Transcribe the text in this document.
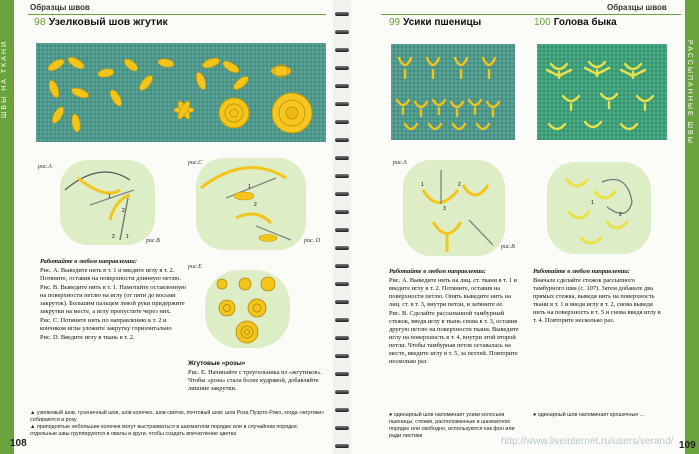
ШВЫ НА ТКАНИ
Образцы швов
98 Узелковый шов жгутик
1
2
2 1
рис.А
рис.В
1
2
рис.С
рис. D
рис.Е

Работайте в любом направлении:

Рис. А. Выведите нить в т. 1 и введите иглу в т. 2. Потяните, оставив на поверхности длинную петлю.

Рис. В. Выведите нить в т. 1. Намотайте оставленную на поверхности петлю на иглу (от пяти до восьми закруток). Большим пальцем левой руки придержите закрутки на месте, а иглу пропустите через них.

Рис. С. Потяните нить по направлению к т. 2 и кончиком иглы уложите закрутку горизонтально

Рис. D. Введите иглу в ткань в т. 2.

Жгутовые «розы»

Рис. Е. Начинайте с треугольника из «жгутиков». Чтобы «роза» стала более кудрявой, добавляйте лишние закрутки.

▲ узелковый шов, гусеничный шов, шов колечко, шов свиток, почтовый шов: шов Роза Пуэрто-Рико, когда «жгутики» собираются в розу

▲ приподнятые небольшие колечки могут выстраиваться в шахматном порядке или в случайном порядке; отдельные швы группируются в овалы и круги, чтобы создать впечатление цветка

108
Образцы швов
РАССЫПАННЫЕ ШВЫ
99 Усики пшеницы
1	2
3
рис.А
рис.В

Работайте в любом направлении:

Рис. А. Выведите нить на лиц. ст. ткани в т. 1 и введите иглу в т. 2. Потяните, оставив на поверхности петлю. Опять выведите нить на лиц. ст. в т. 3, внутри петли, и затяните ее.

Рис. В. Сделайте рассыпанной тамбурный стежок, введя иглу в ткань снова в т. 3, оставив другую петлю на поверхности ткани. Выведите иглу на поверхность в т. 4, внутри этой второй петли. Чтобы тамбурная петля оставалась на месте, введите иглу в т. 5, за петлей. Повторите несколько раз.

● одинарный шов напоминает усики колосьев пшеницы; стежки, расположенные в шахматном порядке или свободно, используются как фон или ради листики
100 Голова быка
1
2

Работайте в любом направлении:

Вначале сделайте стежок рассыпного тамбурного шва (с. 107). Затем добавьте два прямых стежка, выведя нить на поверхность ткани в т. 1 и введя иглу в т. 2, снова выведя нить на поверхность в т. 5 и снова введя иглу в т. 4. Повторите несколько раз.

● одинарный шов напоминает крошечные ...
http://www.liveinternet.ru/users/verand/ 109
